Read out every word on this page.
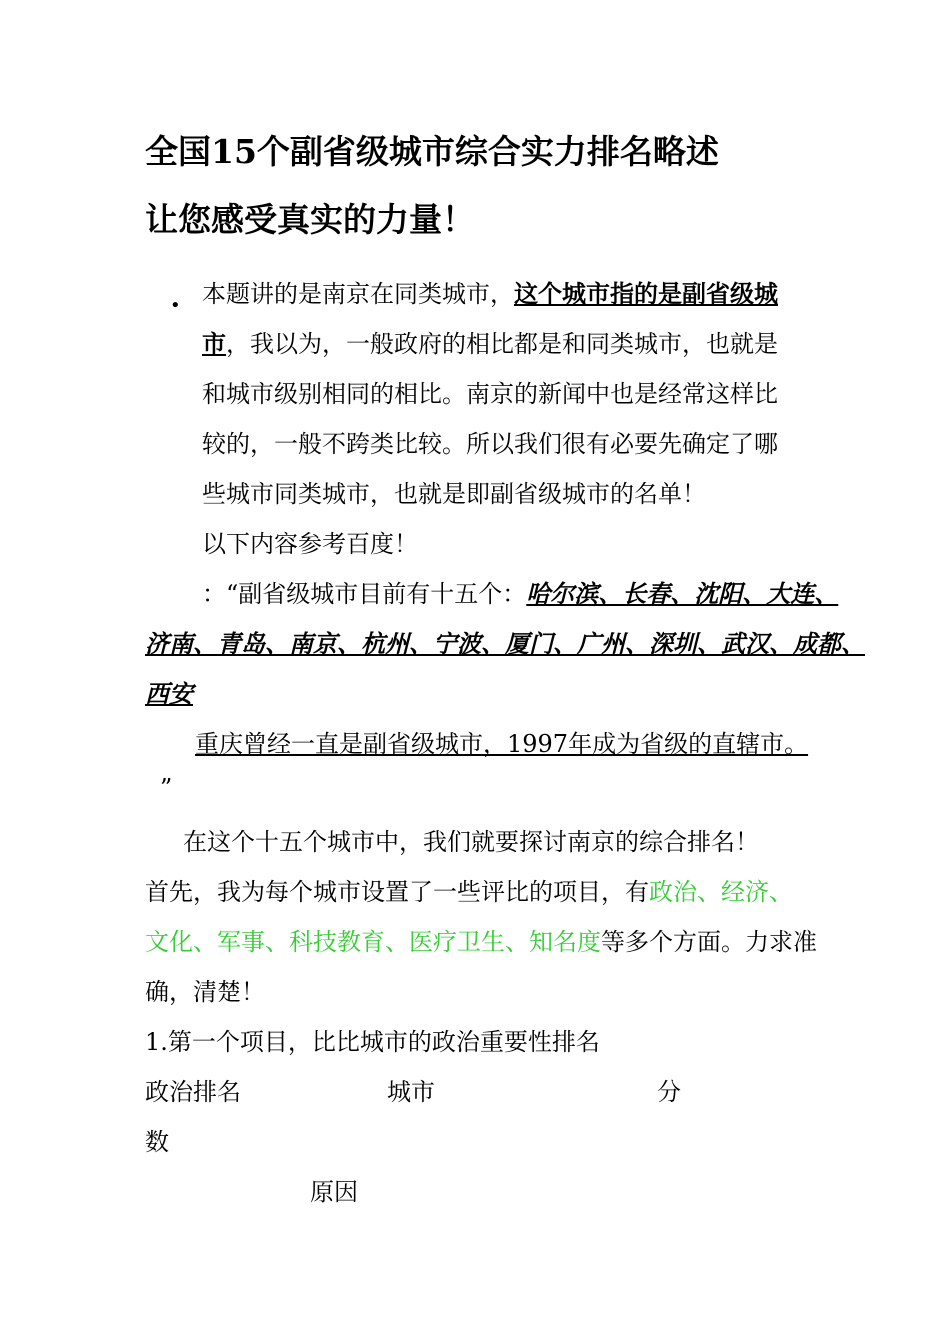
全国15个副省级城市综合实力排名略述
让您感受真实的力量！
• 本题讲的是南京在同类城市，这个城市指的是副省级城
市，我以为，一般政府的相比都是和同类城市，也就是
和城市级别相同的相比。南京的新闻中也是经常这样比
较的，一般不跨类比较。所以我们很有必要先确定了哪
些城市同类城市，也就是即副省级城市的名单！
以下内容参考百度！
：“副省级城市目前有十五个：哈尔滨、长春、沈阳、大连、
济南、青岛、南京、杭州、宁波、厦门、广州、深圳、武汉、成都、
西安
重庆曾经一直是副省级城市，1997年成为省级的直辖市。
”
在这个十五个城市中，我们就要探讨南京的综合排名！
首先，我为每个城市设置了一些评比的项目，有政治、经济、
文化、军事、科技教育、医疗卫生、知名度等多个方面。力求准
确，清楚！
1.第一个项目，比比城市的政治重要性排名
政治排名	城市	分
数
原因
